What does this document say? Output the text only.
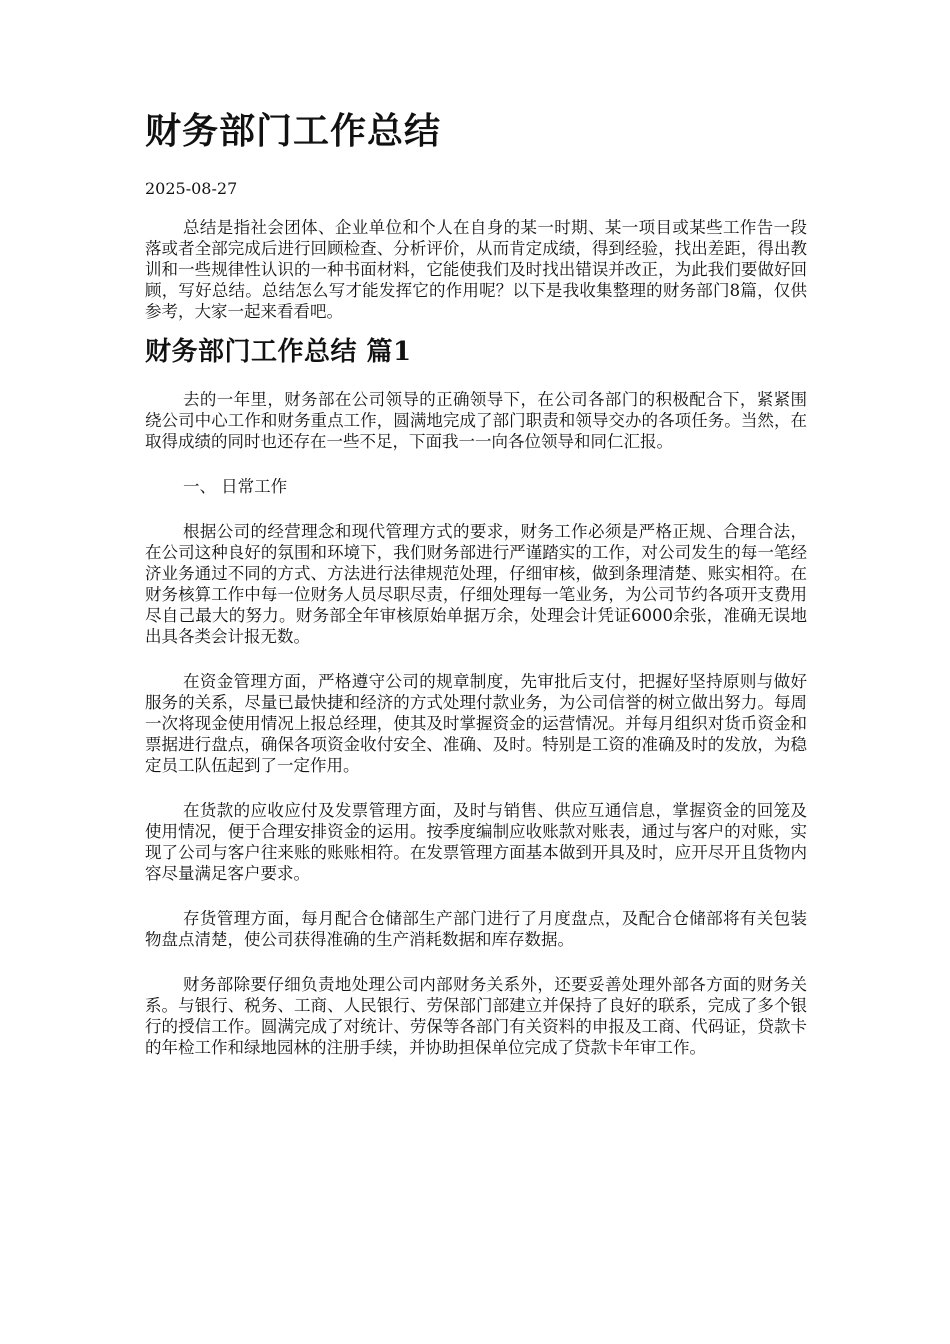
财务部门工作总结
2025-08-27

总结是指社会团体、企业单位和个人在自身的某一时期、某一项目或某些工作告一段落或者全部完成后进行回顾检查、分析评价，从而肯定成绩，得到经验，找出差距，得出教训和一些规律性认识的一种书面材料，它能使我们及时找出错误并改正，为此我们要做好回顾，写好总结。总结怎么写才能发挥它的作用呢？以下是我收集整理的财务部门8篇，仅供参考，大家一起来看看吧。

财务部门工作总结 篇1

去的一年里，财务部在公司领导的正确领导下，在公司各部门的积极配合下，紧紧围绕公司中心工作和财务重点工作，圆满地完成了部门职责和领导交办的各项任务。当然，在取得成绩的同时也还存在一些不足，下面我一一向各位领导和同仁汇报。

一、 日常工作

根据公司的经营理念和现代管理方式的要求，财务工作必须是严格正规、合理合法，在公司这种良好的氛围和环境下，我们财务部进行严谨踏实的工作，对公司发生的每一笔经济业务通过不同的方式、方法进行法律规范处理，仔细审核，做到条理清楚、账实相符。在财务核算工作中每一位财务人员尽职尽责，仔细处理每一笔业务，为公司节约各项开支费用尽自己最大的努力。财务部全年审核原始单据万余，处理会计凭证6000余张，准确无误地出具各类会计报无数。

在资金管理方面，严格遵守公司的规章制度，先审批后支付，把握好坚持原则与做好服务的关系，尽量已最快捷和经济的方式处理付款业务，为公司信誉的树立做出努力。每周一次将现金使用情况上报总经理，使其及时掌握资金的运营情况。并每月组织对货币资金和票据进行盘点，确保各项资金收付安全、准确、及时。特别是工资的准确及时的发放，为稳定员工队伍起到了一定作用。

在货款的应收应付及发票管理方面，及时与销售、供应互通信息，掌握资金的回笼及使用情况，便于合理安排资金的运用。按季度编制应收账款对账表，通过与客户的对账，实现了公司与客户往来账的账账相符。在发票管理方面基本做到开具及时，应开尽开且货物内容尽量满足客户要求。

存货管理方面，每月配合仓储部生产部门进行了月度盘点，及配合仓储部将有关包装物盘点清楚，使公司获得准确的生产消耗数据和库存数据。

财务部除要仔细负责地处理公司内部财务关系外，还要妥善处理外部各方面的财务关系。与银行、税务、工商、人民银行、劳保部门部建立并保持了良好的联系，完成了多个银行的授信工作。圆满完成了对统计、劳保等各部门有关资料的申报及工商、代码证，贷款卡的年检工作和绿地园林的注册手续，并协助担保单位完成了贷款卡年审工作。
